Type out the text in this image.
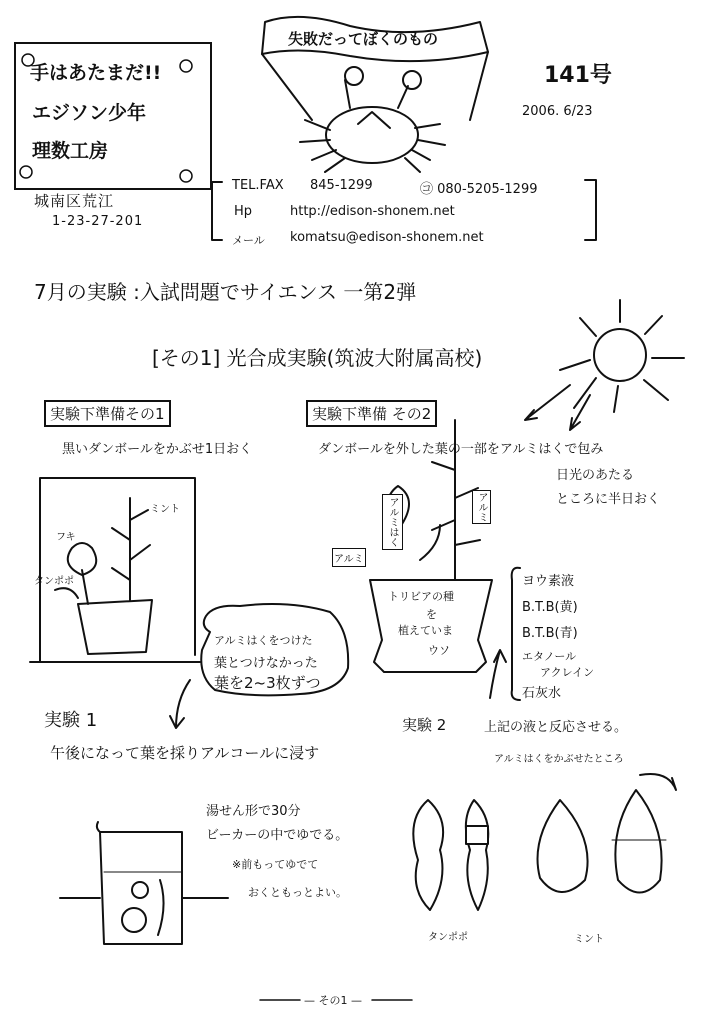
手はあたまだ!!
エジソン少年
理数工房
城南区荒江
1-23-27-201
失敗だってぼくのもの
141号
2006. 6/23
TEL.FAX 845-1299	㋙ 080-5205-1299
Hp	http://edison-shonem.net
メール komatsu@edison-shonem.net
7月の実験 :入試問題でサイエンス 一第2弾
[その1] 光合成実験(筑波大附属高校)
実験下準備その1
黒いダンボールをかぶせ1日おく
フキ
ミント
タンポポ
実験下準備 その2
ダンボールを外した葉の一部をアルミはくで包み
日光のあたる
ところに半日おく
アルミはく
アルミ
アルミ
トリビアの種
を
植えていま
ウソ
アルミはくをつけた
葉とつけなかった
葉を2~3枚ずつ
ヨウ素液
B.T.B(黄)
B.T.B(青)
エタノール
アクレイン
石灰水
実験 1
午後になって葉を採りアルコールに浸す
湯せん形で30分
ビーカーの中でゆでる。
※前もってゆでて
おくともっとよい。
実験 2	上記の液と反応させる。
アルミはくをかぶせたところ
タンポポ	ミント
— その1 —
